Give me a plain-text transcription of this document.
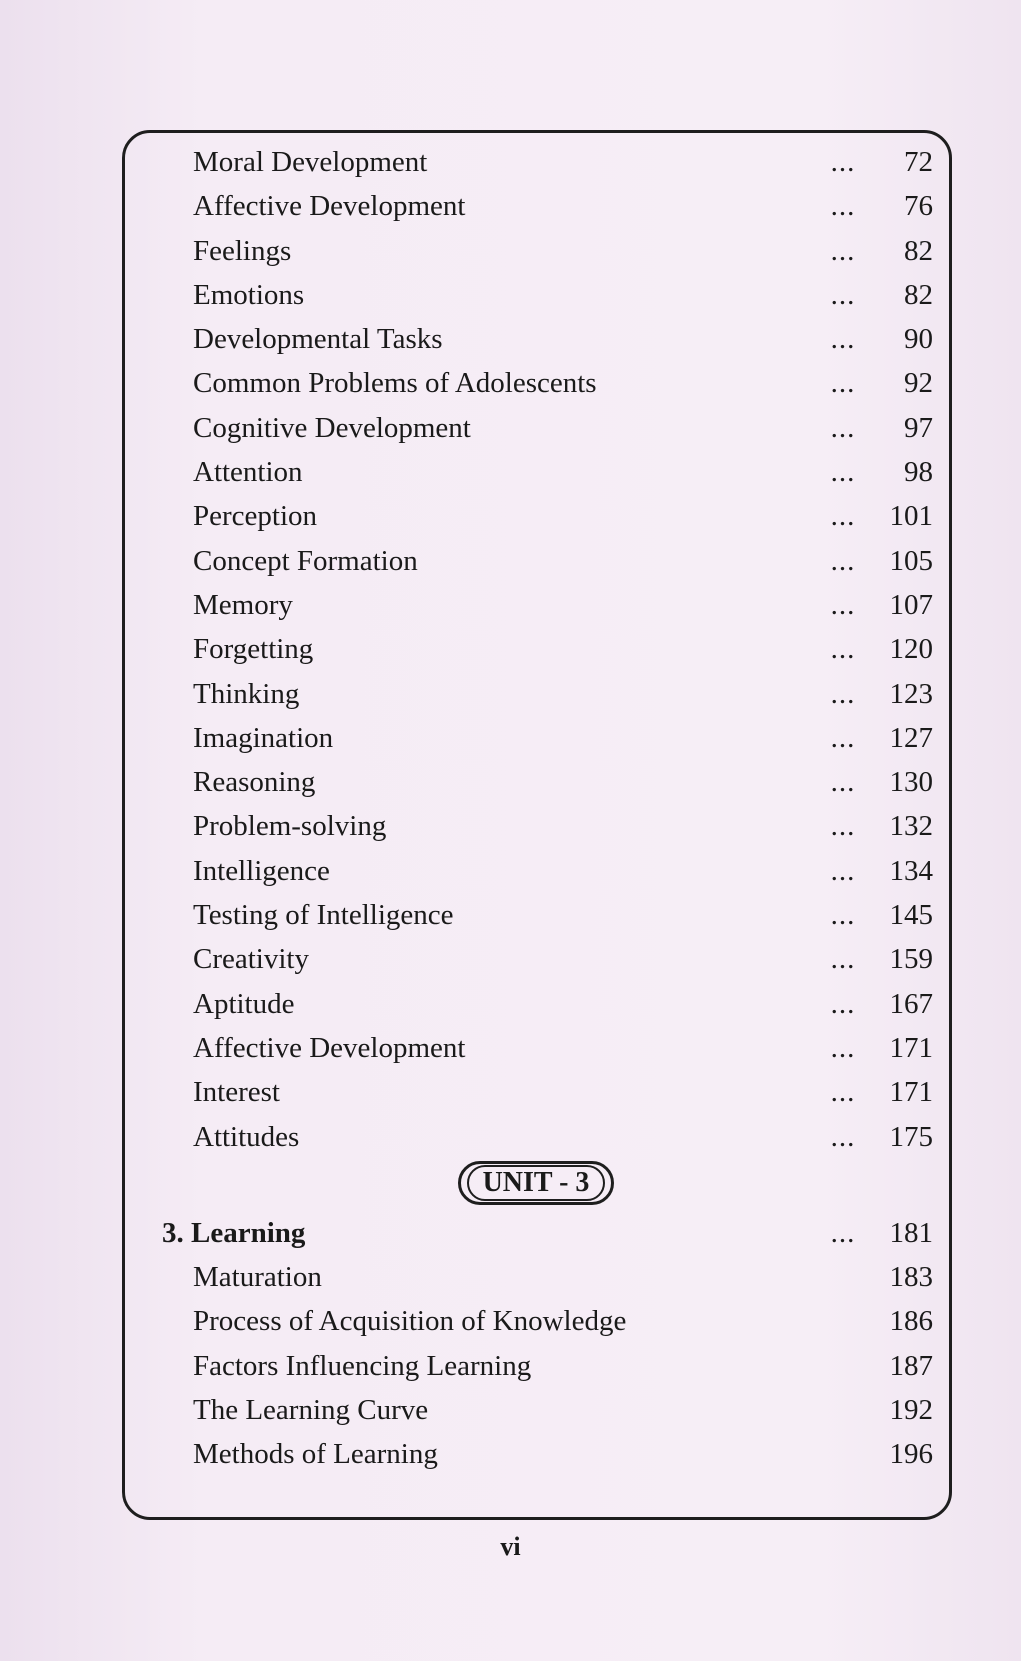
Moral Development	...	72
Affective Development	...	76
Feelings	...	82
Emotions	...	82
Developmental Tasks	...	90
Common Problems of Adolescents	...	92
Cognitive Development	...	97
Attention	...	98
Perception	...	101
Concept Formation	...	105
Memory	...	107
Forgetting	...	120
Thinking	...	123
Imagination	...	127
Reasoning	...	130
Problem-solving	...	132
Intelligence	...	134
Testing of Intelligence	...	145
Creativity	...	159
Aptitude	...	167
Affective Development	...	171
Interest	...	171
Attitudes	...	175
UNIT - 3
3. Learning	...	181
Maturation	183
Process of Acquisition of Knowledge	186
Factors Influencing Learning	187
The Learning Curve	192
Methods of Learning	196
vi
